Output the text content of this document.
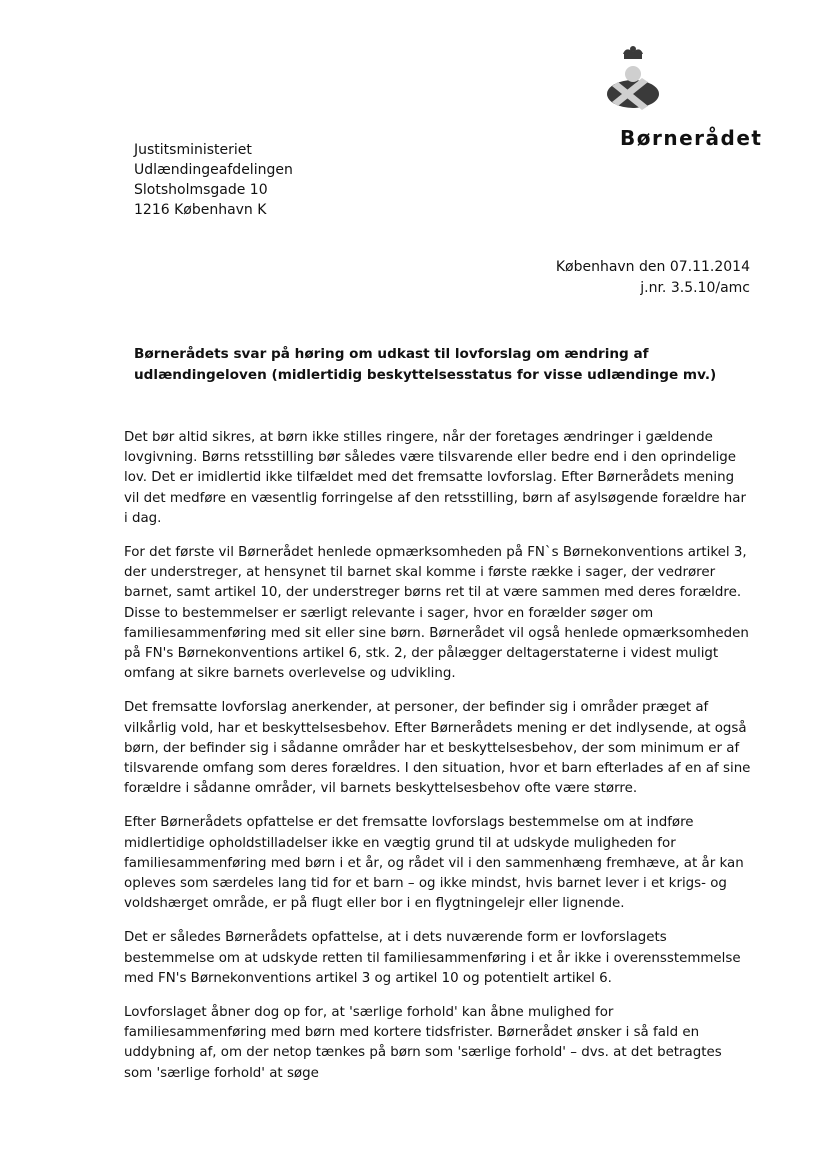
Børnerådet
Justitsministeriet
Udlændingeafdelingen
Slotsholmsgade 10
1216 København K
København den 07.11.2014
j.nr. 3.5.10/amc
Børnerådets svar på høring om udkast til lovforslag om ændring af udlændingeloven (midlertidig beskyttelsesstatus for visse udlændinge mv.)

Det bør altid sikres, at børn ikke stilles ringere, når der foretages ændringer i gældende lovgivning. Børns retsstilling bør således være tilsvarende eller bedre end i den oprindelige lov. Det er imidlertid ikke tilfældet med det fremsatte lovforslag. Efter Børnerådets mening vil det medføre en væsentlig forringelse af den retsstilling, børn af asylsøgende forældre har i dag.

For det første vil Børnerådet henlede opmærksomheden på FN`s Børnekonventions artikel 3, der understreger, at hensynet til barnet skal komme i første række i sager, der vedrører barnet, samt artikel 10, der understreger børns ret til at være sammen med deres forældre. Disse to bestemmelser er særligt relevante i sager, hvor en forælder søger om familiesammenføring med sit eller sine børn. Børnerådet vil også henlede opmærksomheden på FN's Børnekonventions artikel 6, stk. 2, der pålægger deltagerstaterne i videst muligt omfang at sikre barnets overlevelse og udvikling.

Det fremsatte lovforslag anerkender, at personer, der befinder sig i områder præget af vilkårlig vold, har et beskyttelsesbehov. Efter Børnerådets mening er det indlysende, at også børn, der befinder sig i sådanne områder har et beskyttelsesbehov, der som minimum er af tilsvarende omfang som deres forældres. I den situation, hvor et barn efterlades af en af sine forældre i sådanne områder, vil barnets beskyttelsesbehov ofte være større.

Efter Børnerådets opfattelse er det fremsatte lovforslags bestemmelse om at indføre midlertidige opholdstilladelser ikke en vægtig grund til at udskyde muligheden for familiesammenføring med børn i et år, og rådet vil i den sammenhæng fremhæve, at år kan opleves som særdeles lang tid for et barn – og ikke mindst, hvis barnet lever i et krigs- og voldshærget område, er på flugt eller bor i en flygtningelejr eller lignende.

Det er således Børnerådets opfattelse, at i dets nuværende form er lovforslagets bestemmelse om at udskyde retten til familiesammenføring i et år ikke i overensstemmelse med FN's Børnekonventions artikel 3 og artikel 10 og potentielt artikel 6.

Lovforslaget åbner dog op for, at 'særlige forhold' kan åbne mulighed for familiesammenføring med børn med kortere tidsfrister. Børnerådet ønsker i så fald en uddybning af, om der netop tænkes på børn som 'særlige forhold' – dvs. at det betragtes som 'særlige forhold' at søge
